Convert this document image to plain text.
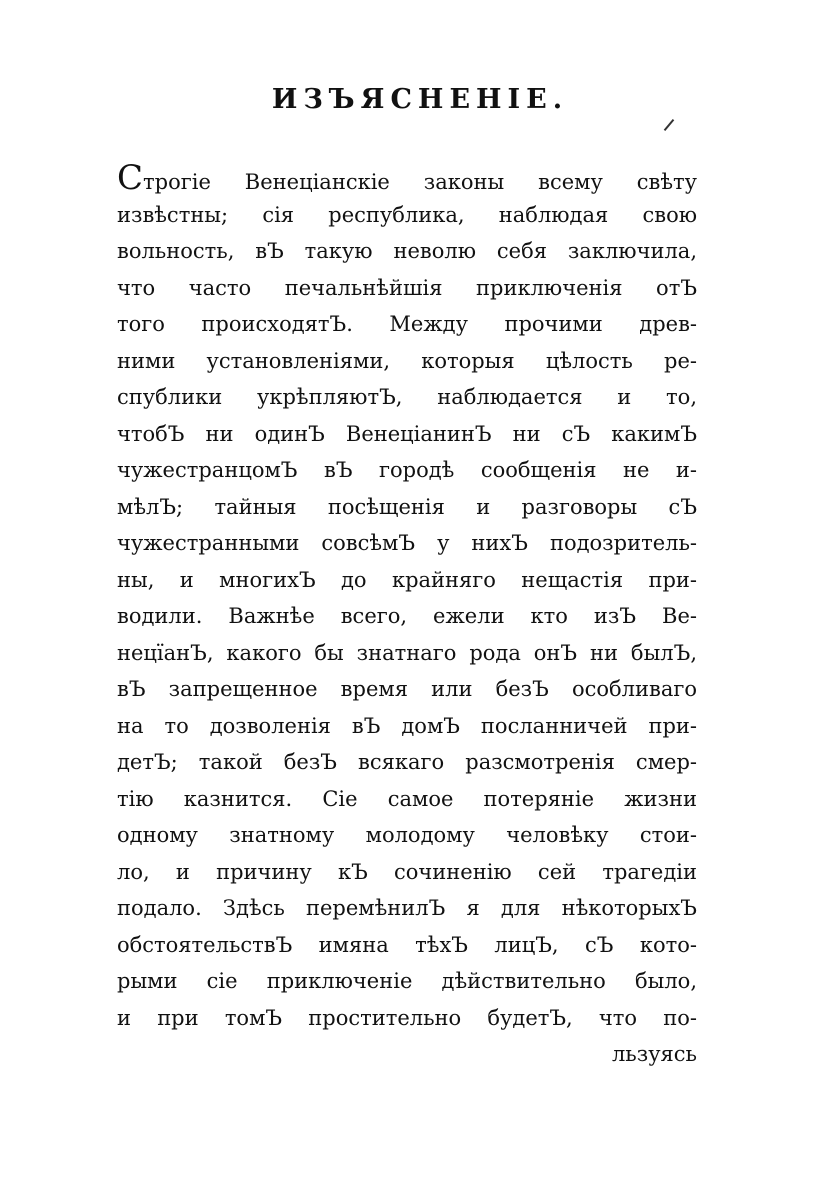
ИЗЪЯСНЕНІЕ.
Строгіе Венеціанскіе законы всему свѣту
извѣстны; сія республика, наблюдая свою
вольность, вЪ такую неволю себя заключила,
что часто печальнѣйшія приключенія отЪ
того происходятЪ. Между прочими древ-
ними установленіями, которыя цѣлость ре-
спублики укрѣпляютЪ, наблюдается и то,
чтобЪ ни одинЪ ВенеціанинЪ ни сЪ какимЪ
чужестранцомЪ вЪ городѣ сообщенія не и-
мѣлЪ; тайныя посѣщенія и разговоры сЪ
чужестранными совсѣмЪ у нихЪ подозритель-
ны, и многихЪ до крайняго нещастія при-
водили. Важнѣе всего, ежели кто изЪ Ве-
нецїанЪ, какого бы знатнаго рода онЪ ни былЪ,
вЪ запрещенное время или безЪ особливаго
на то дозволенія вЪ домЪ посланничей при-
детЪ; такой безЪ всякаго разсмотренія смер-
тію казнится. Сіе самое потеряніе жизни
одному знатному молодому человѣку стои-
ло, и причину кЪ сочиненію сей трагедіи
подало. Здѣсь перемѣнилЪ я для нѣкоторыхЪ
обстоятельствЪ имяна тѣхЪ лицЪ, сЪ кото-
рыми сіе приключеніе дѣйствительно было,
и при томЪ простительно будетЪ, что по-
льзуясь
